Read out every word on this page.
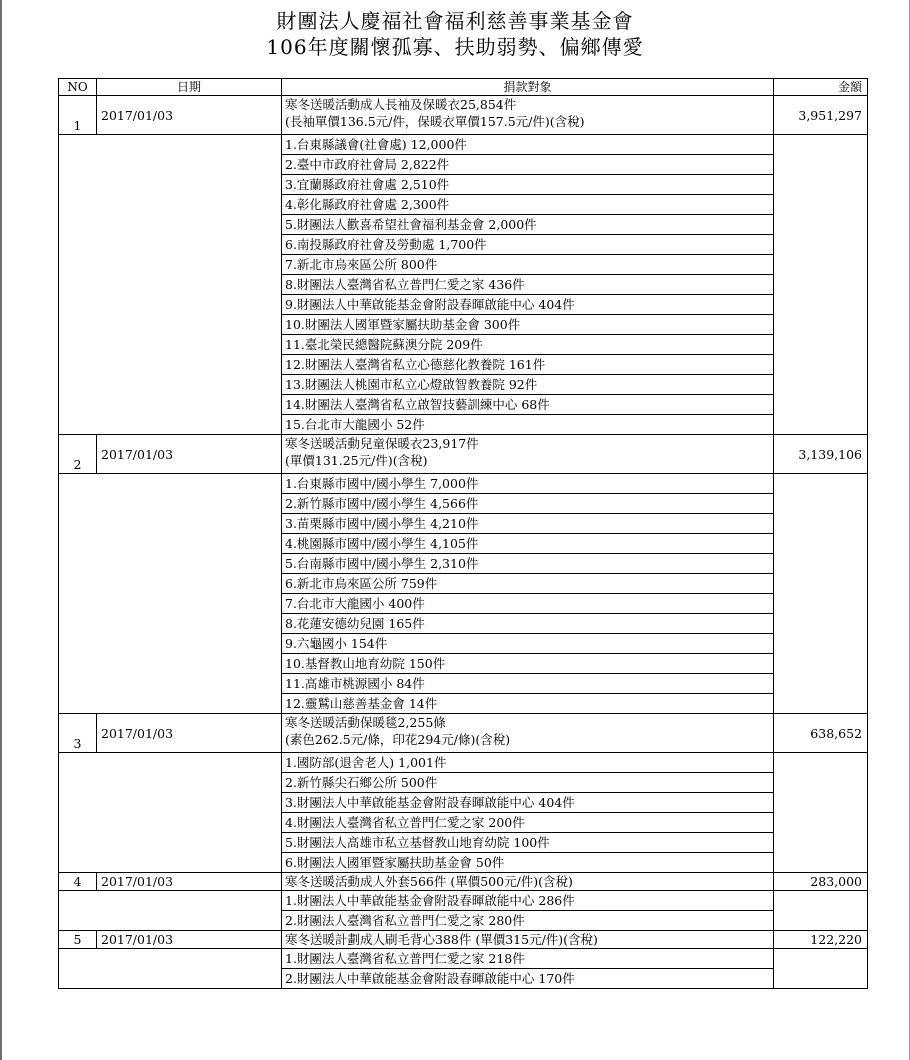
財團法人慶福社會福利慈善事業基金會
106年度關懷孤寡、扶助弱勢、偏鄉傳愛
NO	日期	捐款對象	金額
1	2017/01/03	寒冬送暖活動成人長袖及保暖衣25,854件
(長袖單價136.5元/件，保暖衣單價157.5元/件)(含稅)	3,951,297
		1.台東縣議會(社會處) 12,000件	
		2.臺中市政府社會局 2,822件	
		3.宜蘭縣政府社會處 2,510件	
		4.彰化縣政府社會處 2,300件	
		5.財團法人歡喜希望社會福利基金會 2,000件	
		6.南投縣政府社會及勞動處 1,700件	
		7.新北市烏來區公所 800件	
		8.財團法人臺灣省私立普門仁愛之家 436件	
		9.財團法人中華啟能基金會附設春暉啟能中心 404件	
		10.財團法人國軍暨家屬扶助基金會 300件	
		11.臺北榮民總醫院蘇澳分院 209件	
		12.財團法人臺灣省私立心德慈化教養院 161件	
		13.財團法人桃園市私立心燈啟智教養院 92件	
		14.財團法人臺灣省私立啟智技藝訓練中心 68件	
		15.台北市大龍國小 52件	
2	2017/01/03	寒冬送暖活動兒童保暖衣23,917件
(單價131.25元/件)(含稅)	3,139,106
		1.台東縣市國中/國小學生 7,000件	
		2.新竹縣市國中/國小學生 4,566件	
		3.苗栗縣市國中/國小學生 4,210件	
		4.桃園縣市國中/國小學生 4,105件	
		5.台南縣市國中/國小學生 2,310件	
		6.新北市烏來區公所 759件	
		7.台北市大龍國小 400件	
		8.花蓮安德幼兒園 165件	
		9.六龜國小 154件	
		10.基督教山地育幼院 150件	
		11.高雄市桃源國小 84件	
		12.靈鷲山慈善基金會 14件	
3	2017/01/03	寒冬送暖活動保暖毯2,255條
(素色262.5元/條，印花294元/條)(含稅)	638,652
		1.國防部(退舍老人) 1,001件	
		2.新竹縣尖石鄉公所 500件	
		3.財團法人中華啟能基金會附設春暉啟能中心 404件	
		4.財團法人臺灣省私立普門仁愛之家 200件	
		5.財團法人高雄市私立基督教山地育幼院 100件	
		6.財團法人國軍暨家屬扶助基金會 50件	
4	2017/01/03	寒冬送暖活動成人外套566件 (單價500元/件)(含稅)	283,000
		1.財團法人中華啟能基金會附設春暉啟能中心 286件	
		2.財團法人臺灣省私立普門仁愛之家 280件	
5	2017/01/03	寒冬送暖計劃成人刷毛背心388件 (單價315元/件)(含稅)	122,220
		1.財團法人臺灣省私立普門仁愛之家 218件	
		2.財團法人中華啟能基金會附設春暉啟能中心 170件	
